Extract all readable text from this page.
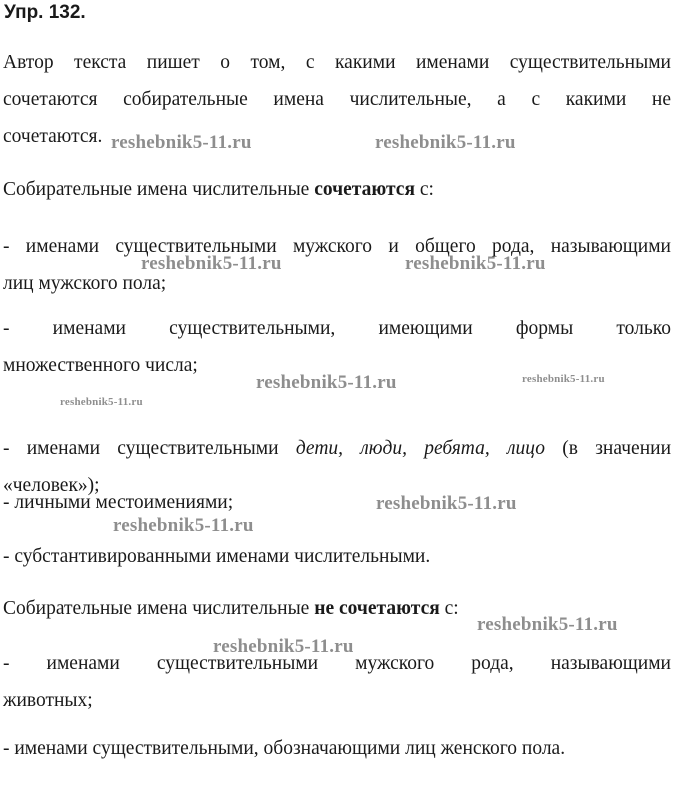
Упр. 132.

Автор текста пишет о том, с какими именами существительными
сочетаются собирательные имена числительные, а с какими не
сочетаются.

Собирательные имена числительные сочетаются с:

- именами существительными мужского и общего рода, называющими
лиц мужского пола;

- именами существительными, имеющими формы только
множественного числа;

- именами существительными дети, люди, ребята, лицо (в значении
«человек»);

- личными местоимениями;

- субстантивированными именами числительными.

Собирательные имена числительные не сочетаются с:

- именами существительными мужского рода, называющими
животных;

- именами существительными, обозначающими лиц женского пола.

reshebnik5-11.ru	reshebnik5-11.ru
reshebnik5-11.ru	reshebnik5-11.ru
reshebnik5-11.ru	reshebnik5-11.ru
reshebnik5-11.ru
reshebnik5-11.ru
reshebnik5-11.ru
reshebnik5-11.ru
reshebnik5-11.ru
